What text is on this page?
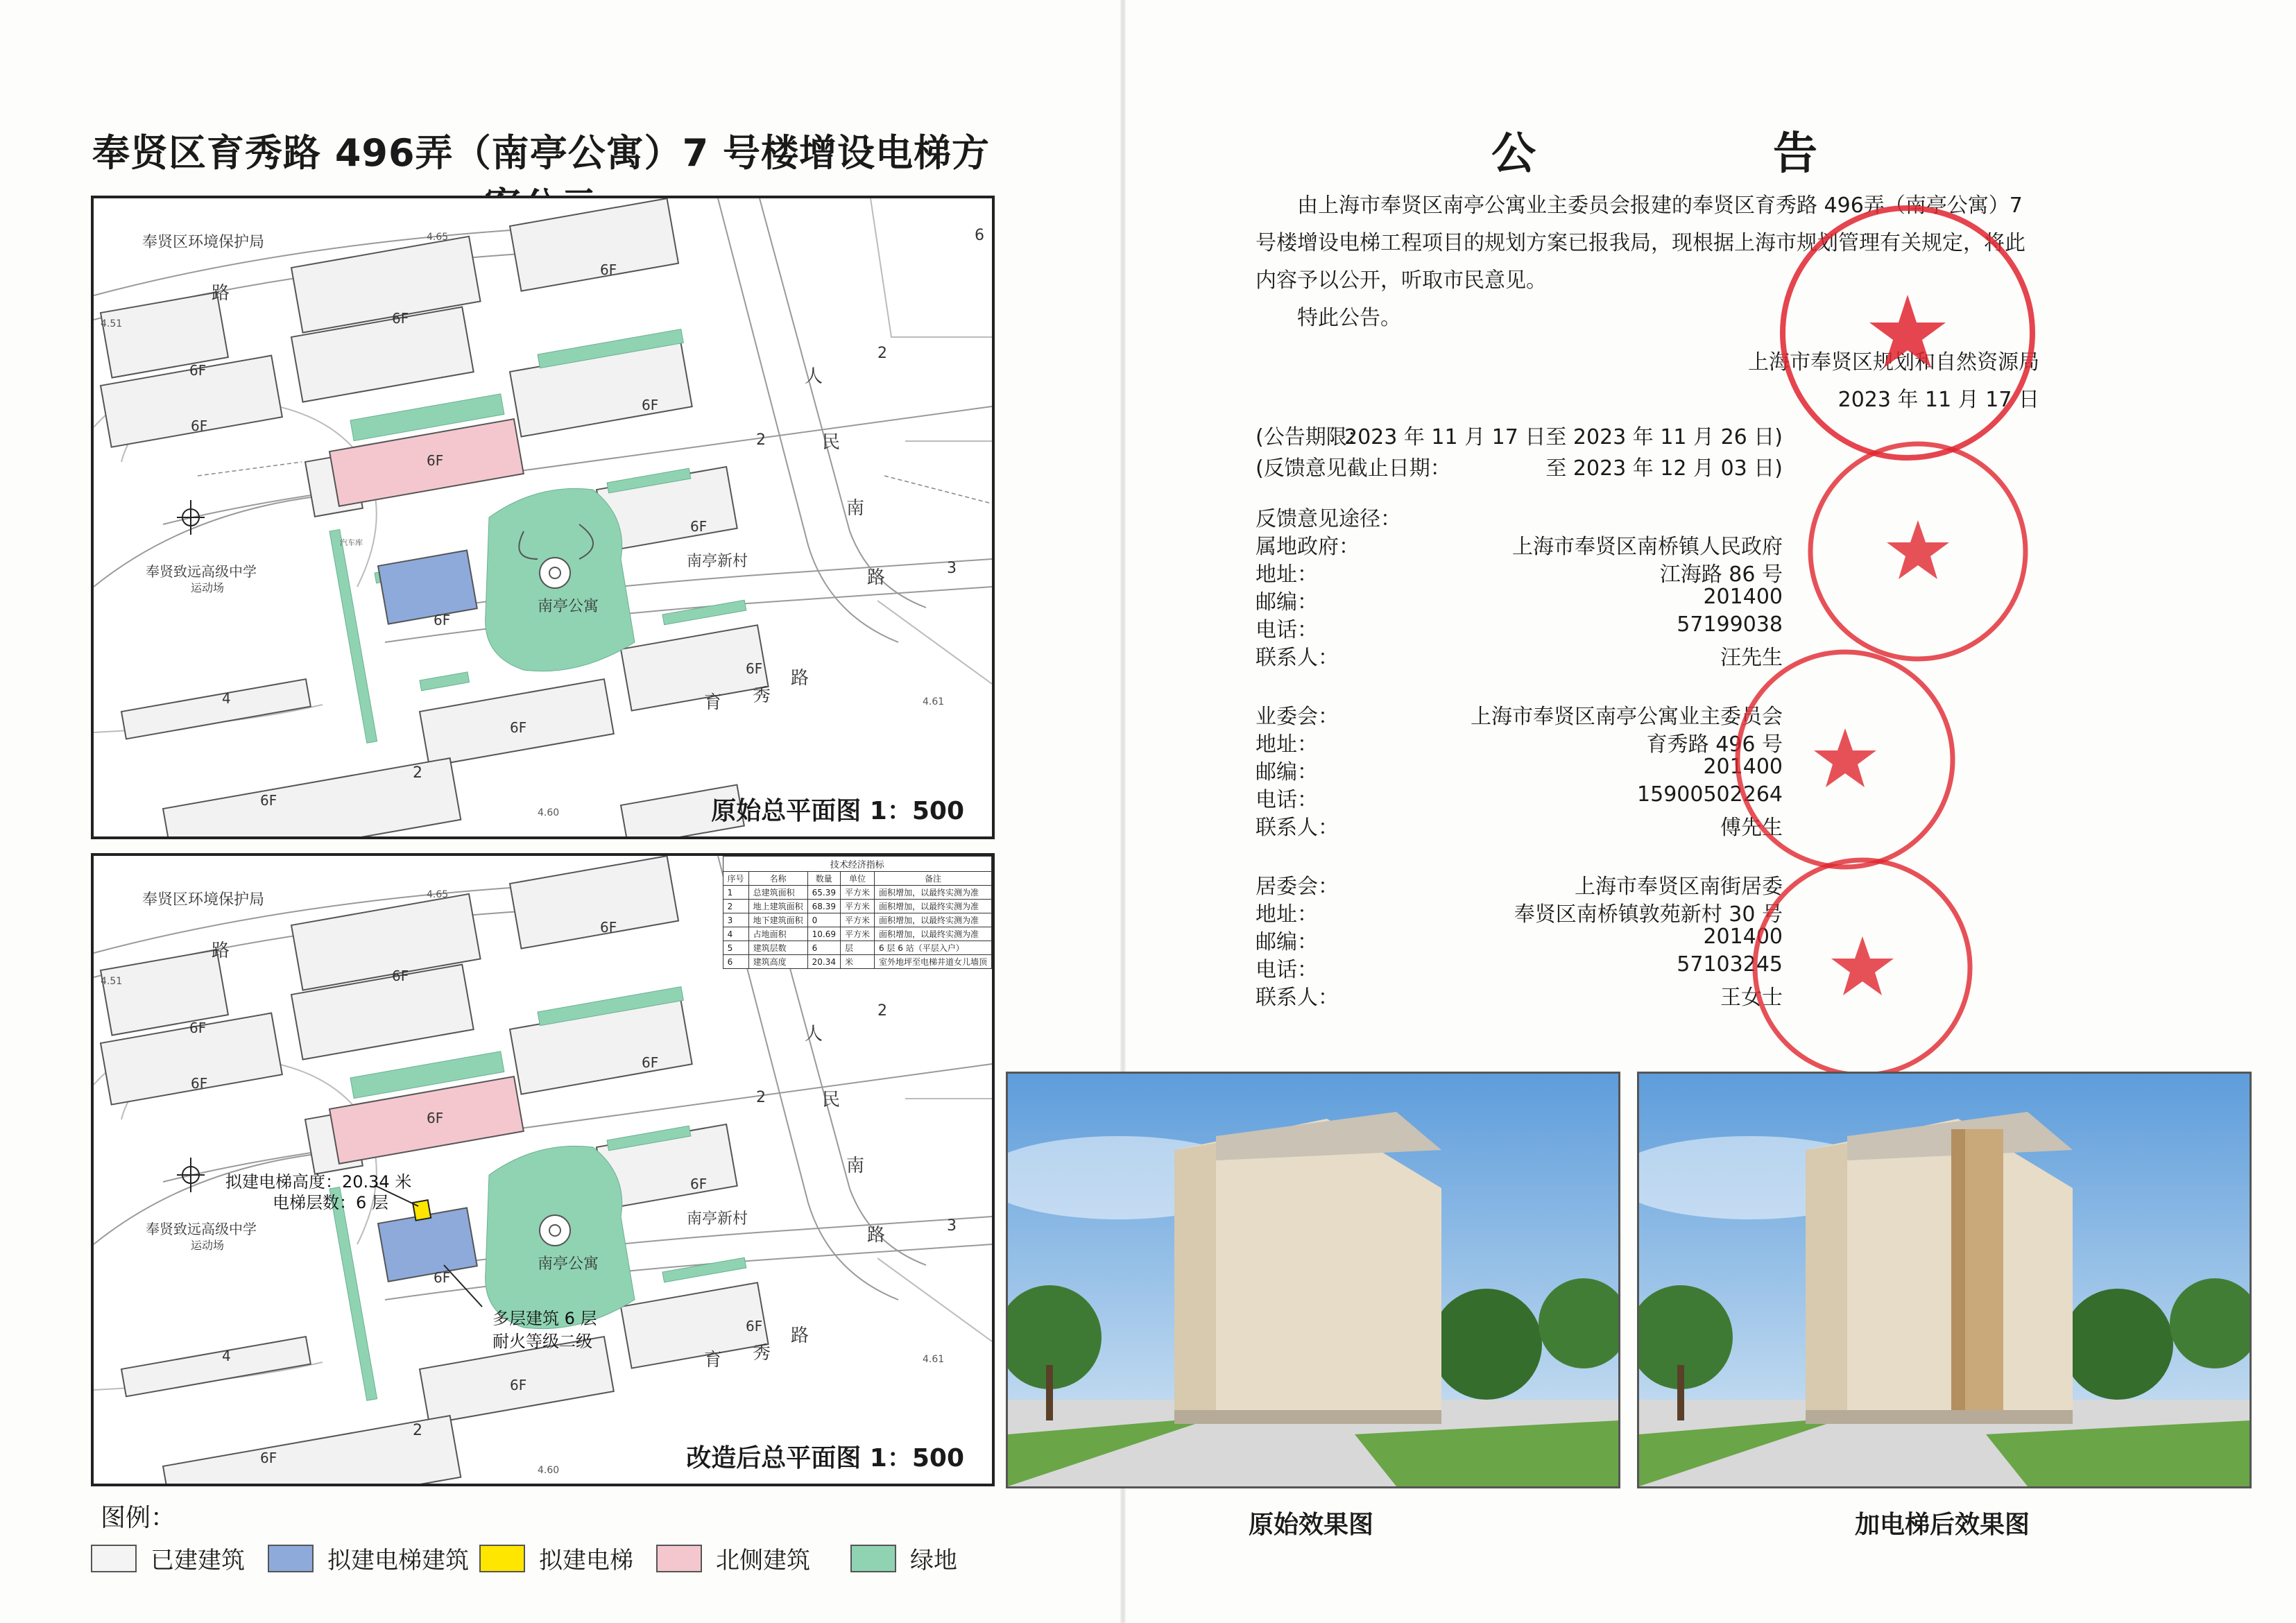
奉贤区育秀路 496弄（南亭公寓）7 号楼增设电梯方
奉贤区环境保护局
路
6F
6F
6F
6F
6F
6F
6F
6F
6F
6F
6F
4
奉贤致远高级中学
运动场
南亭公寓
南亭新村
人
民
南
路
育 秀
路
2
3
6
2
2
4.65
4.61
4.60
4.51
汽车库
原始总平面图 1：500
奉贤区环境保护局
路
6F
6F
6F
6F
6F
6F
6F
6F
6F
6F
6F
4
奉贤致远高级中学
运动场
南亭公寓
南亭新村
人
民
南
路
育 秀
路
2
3
2
2
4.65
4.61
4.60
4.51
拟建电梯高度：20.34 米
电梯层数：6 层
多层建筑 6 层
耐火等级二级
技术经济指标				
序号	名称	数量	单位	备注
1	总建筑面积	65.39	平方米	面积增加，以最终实测为准
2	地上建筑面积	68.39	平方米	面积增加，以最终实测为准
3	地下建筑面积	0	平方米	面积增加，以最终实测为准
4	占地面积	10.69	平方米	面积增加，以最终实测为准
5	建筑层数	6	层	6 层 6 站（平层入户）
6	建筑高度	20.34	米	室外地坪至电梯井道女儿墙顶
改造后总平面图 1：500
图例：
已建建筑	拟建电梯建筑	拟建电梯	北侧建筑	绿地
公	告
由上海市奉贤区南亭公寓业主委员会报建的奉贤区育秀路 496弄（南亭公寓）7 号楼增设电梯工程项目的规划方案已报我局，现根据上海市规划管理有关规定，将此内容予以公开，听取市民意见。
特此公告。
上海市奉贤区规划和自然资源局
2023 年 11 月 17 日
(公告期限：
2023 年 11 月 17 日至 2023 年 11 月 26 日)
(反馈意见截止日期：	至 2023 年 12 月 03 日)
反馈意见途径：
属地政府：	上海市奉贤区南桥镇人民政府
地址：	江海路 86 号
邮编：	201400
电话：	57199038
联系人：	汪先生
业委会：	上海市奉贤区南亭公寓业主委员会
地址：	育秀路 496 号
邮编：	201400
电话：	15900502264
联系人：	傅先生
居委会：	上海市奉贤区南街居委
地址：	奉贤区南桥镇敦苑新村 30 号
邮编：	201400
电话：	57103245
联系人：	王女士
原始效果图	加电梯后效果图
